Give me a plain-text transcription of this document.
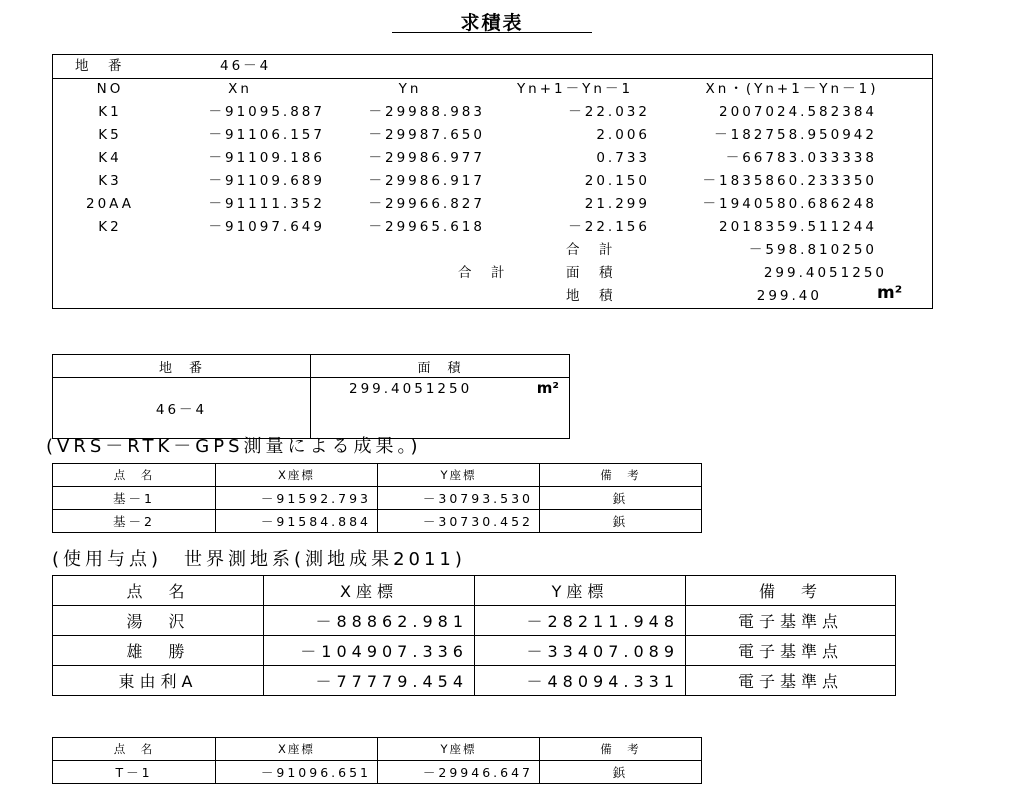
求積表
地　番	46－4
NO	Xn	Yn	Yn+1－Yn－1	Xn・(Yn+1－Yn－1)
K1	－91095.887	－29988.983	－22.032	2007024.582384
K5	－91106.157	－29987.650	2.006	－182758.950942
K4	－91109.186	－29986.977	0.733	－66783.033338
K3	－91109.689	－29986.917	20.150	－1835860.233350
20AA	－91111.352	－29966.827	21.299	－1940580.686248
K2	－91097.649	－29965.618	－22.156	2018359.511244
合　計	－598.810250
合　計	面　積	299.4051250
地　積	299.40	m²
地　番	面　積
46－4	299.4051250

m²

(VRS－RTK－GPS測量による成果。)
点　名	X座標	Y座標	備　考
基－1	－91592.793	－30793.530	鋲
基－2	－91584.884	－30730.452	鋲
(使用与点)　世界測地系(測地成果2011)
点　名	X座標	Y座標	備　考
湯　沢	－88862.981	－28211.948	電子基準点
雄　勝	－104907.336	－33407.089	電子基準点
東由利A	－77779.454	－48094.331	電子基準点
点　名	X座標	Y座標	備　考
T－1	－91096.651	－29946.647	鋲
